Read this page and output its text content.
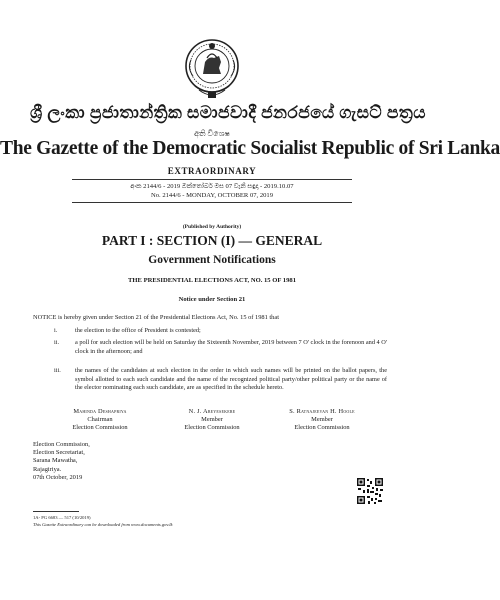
ශ්‍රී ලංකා ප්‍රජාතාන්ත්‍රික සමාජවාදී ජනරජයේ ගැසට් පත්‍රය
අති විශෙෂ
The Gazette of the Democratic Socialist Republic of Sri Lanka
EXTRAORDINARY
අංක 2144/6 - 2019 ඔක්තෝබර් මස 07 වැනි සඳුදා - 2019.10.07
No. 2144/6 - MONDAY, OCTOBER 07, 2019
(Published by Authority)
PART I : SECTION (I) — GENERAL
Government Notifications
THE PRESIDENTIAL ELECTIONS ACT, NO. 15 OF 1981
Notice under Section 21
NOTICE is hereby given under Section 21 of the Presidential Elections Act, No. 15 of 1981 that
i.	the election to the office of President is contested;
ii.	a poll for such election will be held on Saturday the Sixteenth November, 2019 between 7 O' clock in the forenoon and 4 O' clock in the afternoon; and
iii.	the names of the candidates at such election in the order in which such names will be printed on the ballot papers, the symbol allotted to each such candidate and the name of the recognized political party/other political party or the name of the elector nominating each such candidate, are as specified in the schedule hereto.
Mahinda Deshapriya
Chairman
Election Commission
N. J. Abeyesekere
Member
Election Commission
S. Ratnajeevan H. Hoole
Member
Election Commission
Election Commission,
Election Secretariat,
Sarana Mawatha,
Rajagiriya.
07th October, 2019
1A- PG 6683 — 517 (10/2019)
This Gazette Extraordinary can be downloaded from www.documents.gov.lk
